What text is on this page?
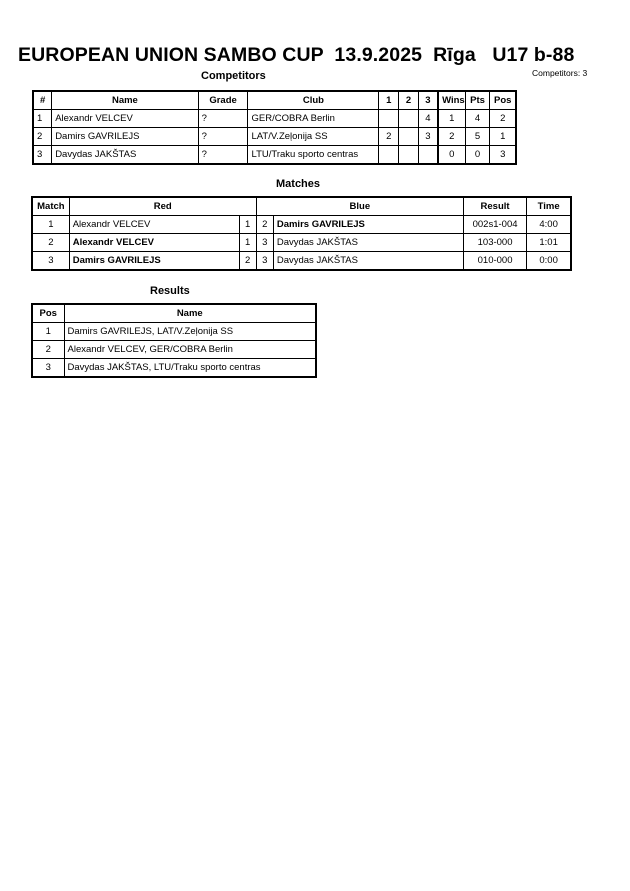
EUROPEAN UNION SAMBO CUP  13.9.2025  Rīga   U17 b-88
Competitors: 3
Competitors
#	Name	Grade	Club	1	2	3	Wins	Pts	Pos
1	Alexandr VELCEV	?	GER/COBRA Berlin			4	1	4	2
2	Damirs GAVRILEJS	?	LAT/V.Zeļonija SS	2		3	2	5	1
3	Davydas JAKŠTAS	?	LTU/Traku sporto centras				0	0	3
Matches
Match	Red		Blue		Result	Time
1	Alexandr VELCEV	1	2	Damirs GAVRILEJS	002s1-004	4:00
2	Alexandr VELCEV	1	3	Davydas JAKŠTAS	103-000	1:01
3	Damirs GAVRILEJS	2	3	Davydas JAKŠTAS	010-000	0:00
Results
Pos	Name
1	Damirs GAVRILEJS, LAT/V.Zeļonija SS
2	Alexandr VELCEV, GER/COBRA Berlin
3	Davydas JAKŠTAS, LTU/Traku sporto centras
